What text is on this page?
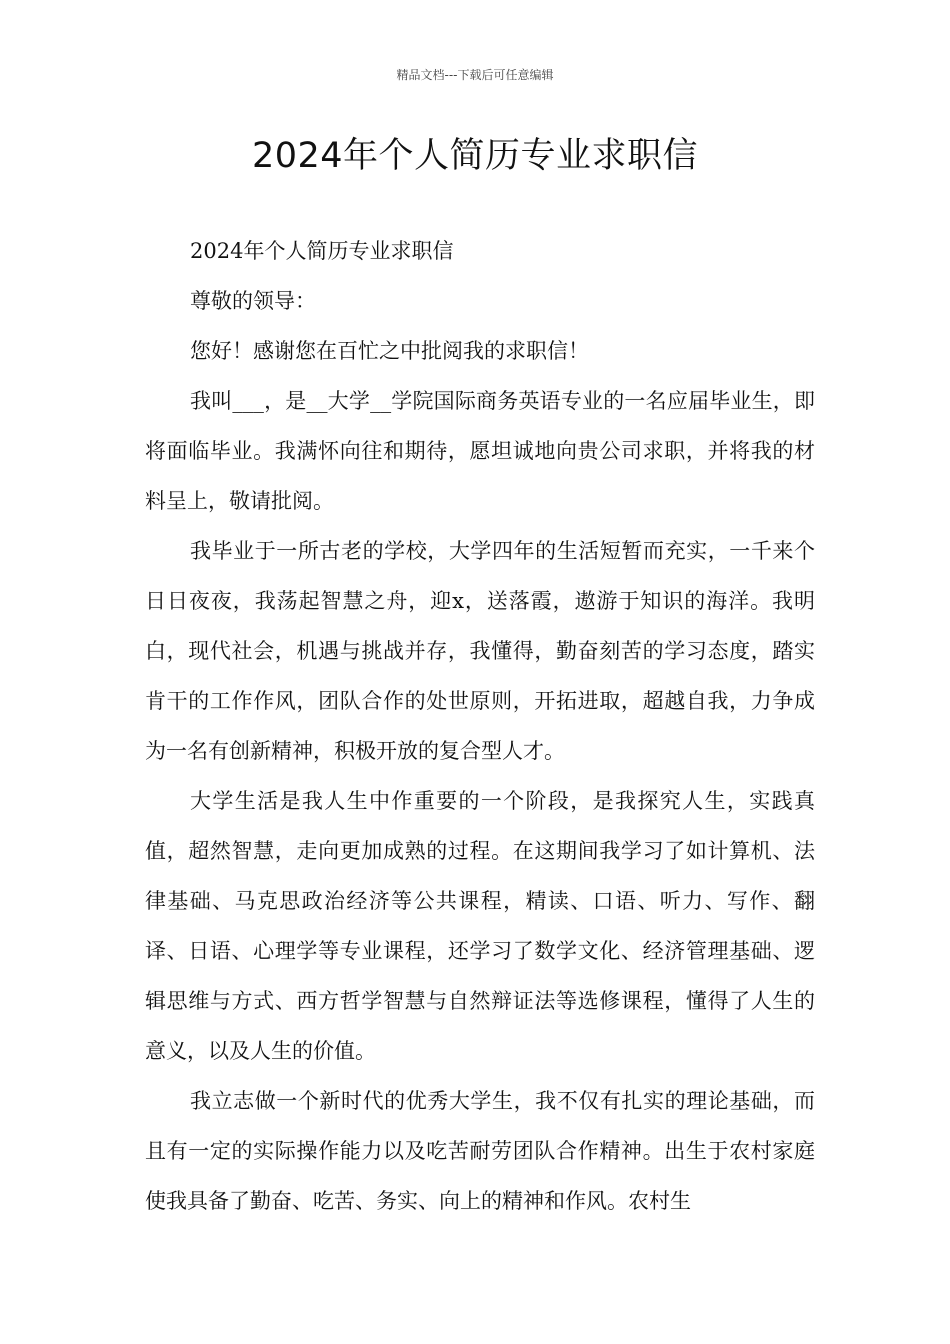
精品文档---下载后可任意编辑
2024年个人简历专业求职信

2024年个人简历专业求职信

尊敬的领导：

您好！感谢您在百忙之中批阅我的求职信！

我叫___，是__大学__学院国际商务英语专业的一名应届毕业生，即将面临毕业。我满怀向往和期待，愿坦诚地向贵公司求职，并将我的材料呈上，敬请批阅。

我毕业于一所古老的学校，大学四年的生活短暂而充实，一千来个日日夜夜，我荡起智慧之舟，迎x，送落霞，遨游于知识的海洋。我明白，现代社会，机遇与挑战并存，我懂得，勤奋刻苦的学习态度，踏实肯干的工作作风，团队合作的处世原则，开拓进取，超越自我，力争成为一名有创新精神，积极开放的复合型人才。

大学生活是我人生中作重要的一个阶段，是我探究人生，实践真值，超然智慧，走向更加成熟的过程。在这期间我学习了如计算机、法律基础、马克思政治经济等公共课程，精读、口语、听力、写作、翻译、日语、心理学等专业课程，还学习了数学文化、经济管理基础、逻辑思维与方式、西方哲学智慧与自然辩证法等选修课程，懂得了人生的意义，以及人生的价值。

我立志做一个新时代的优秀大学生，我不仅有扎实的理论基础，而且有一定的实际操作能力以及吃苦耐劳团队合作精神。出生于农村家庭使我具备了勤奋、吃苦、务实、向上的精神和作风。农村生
